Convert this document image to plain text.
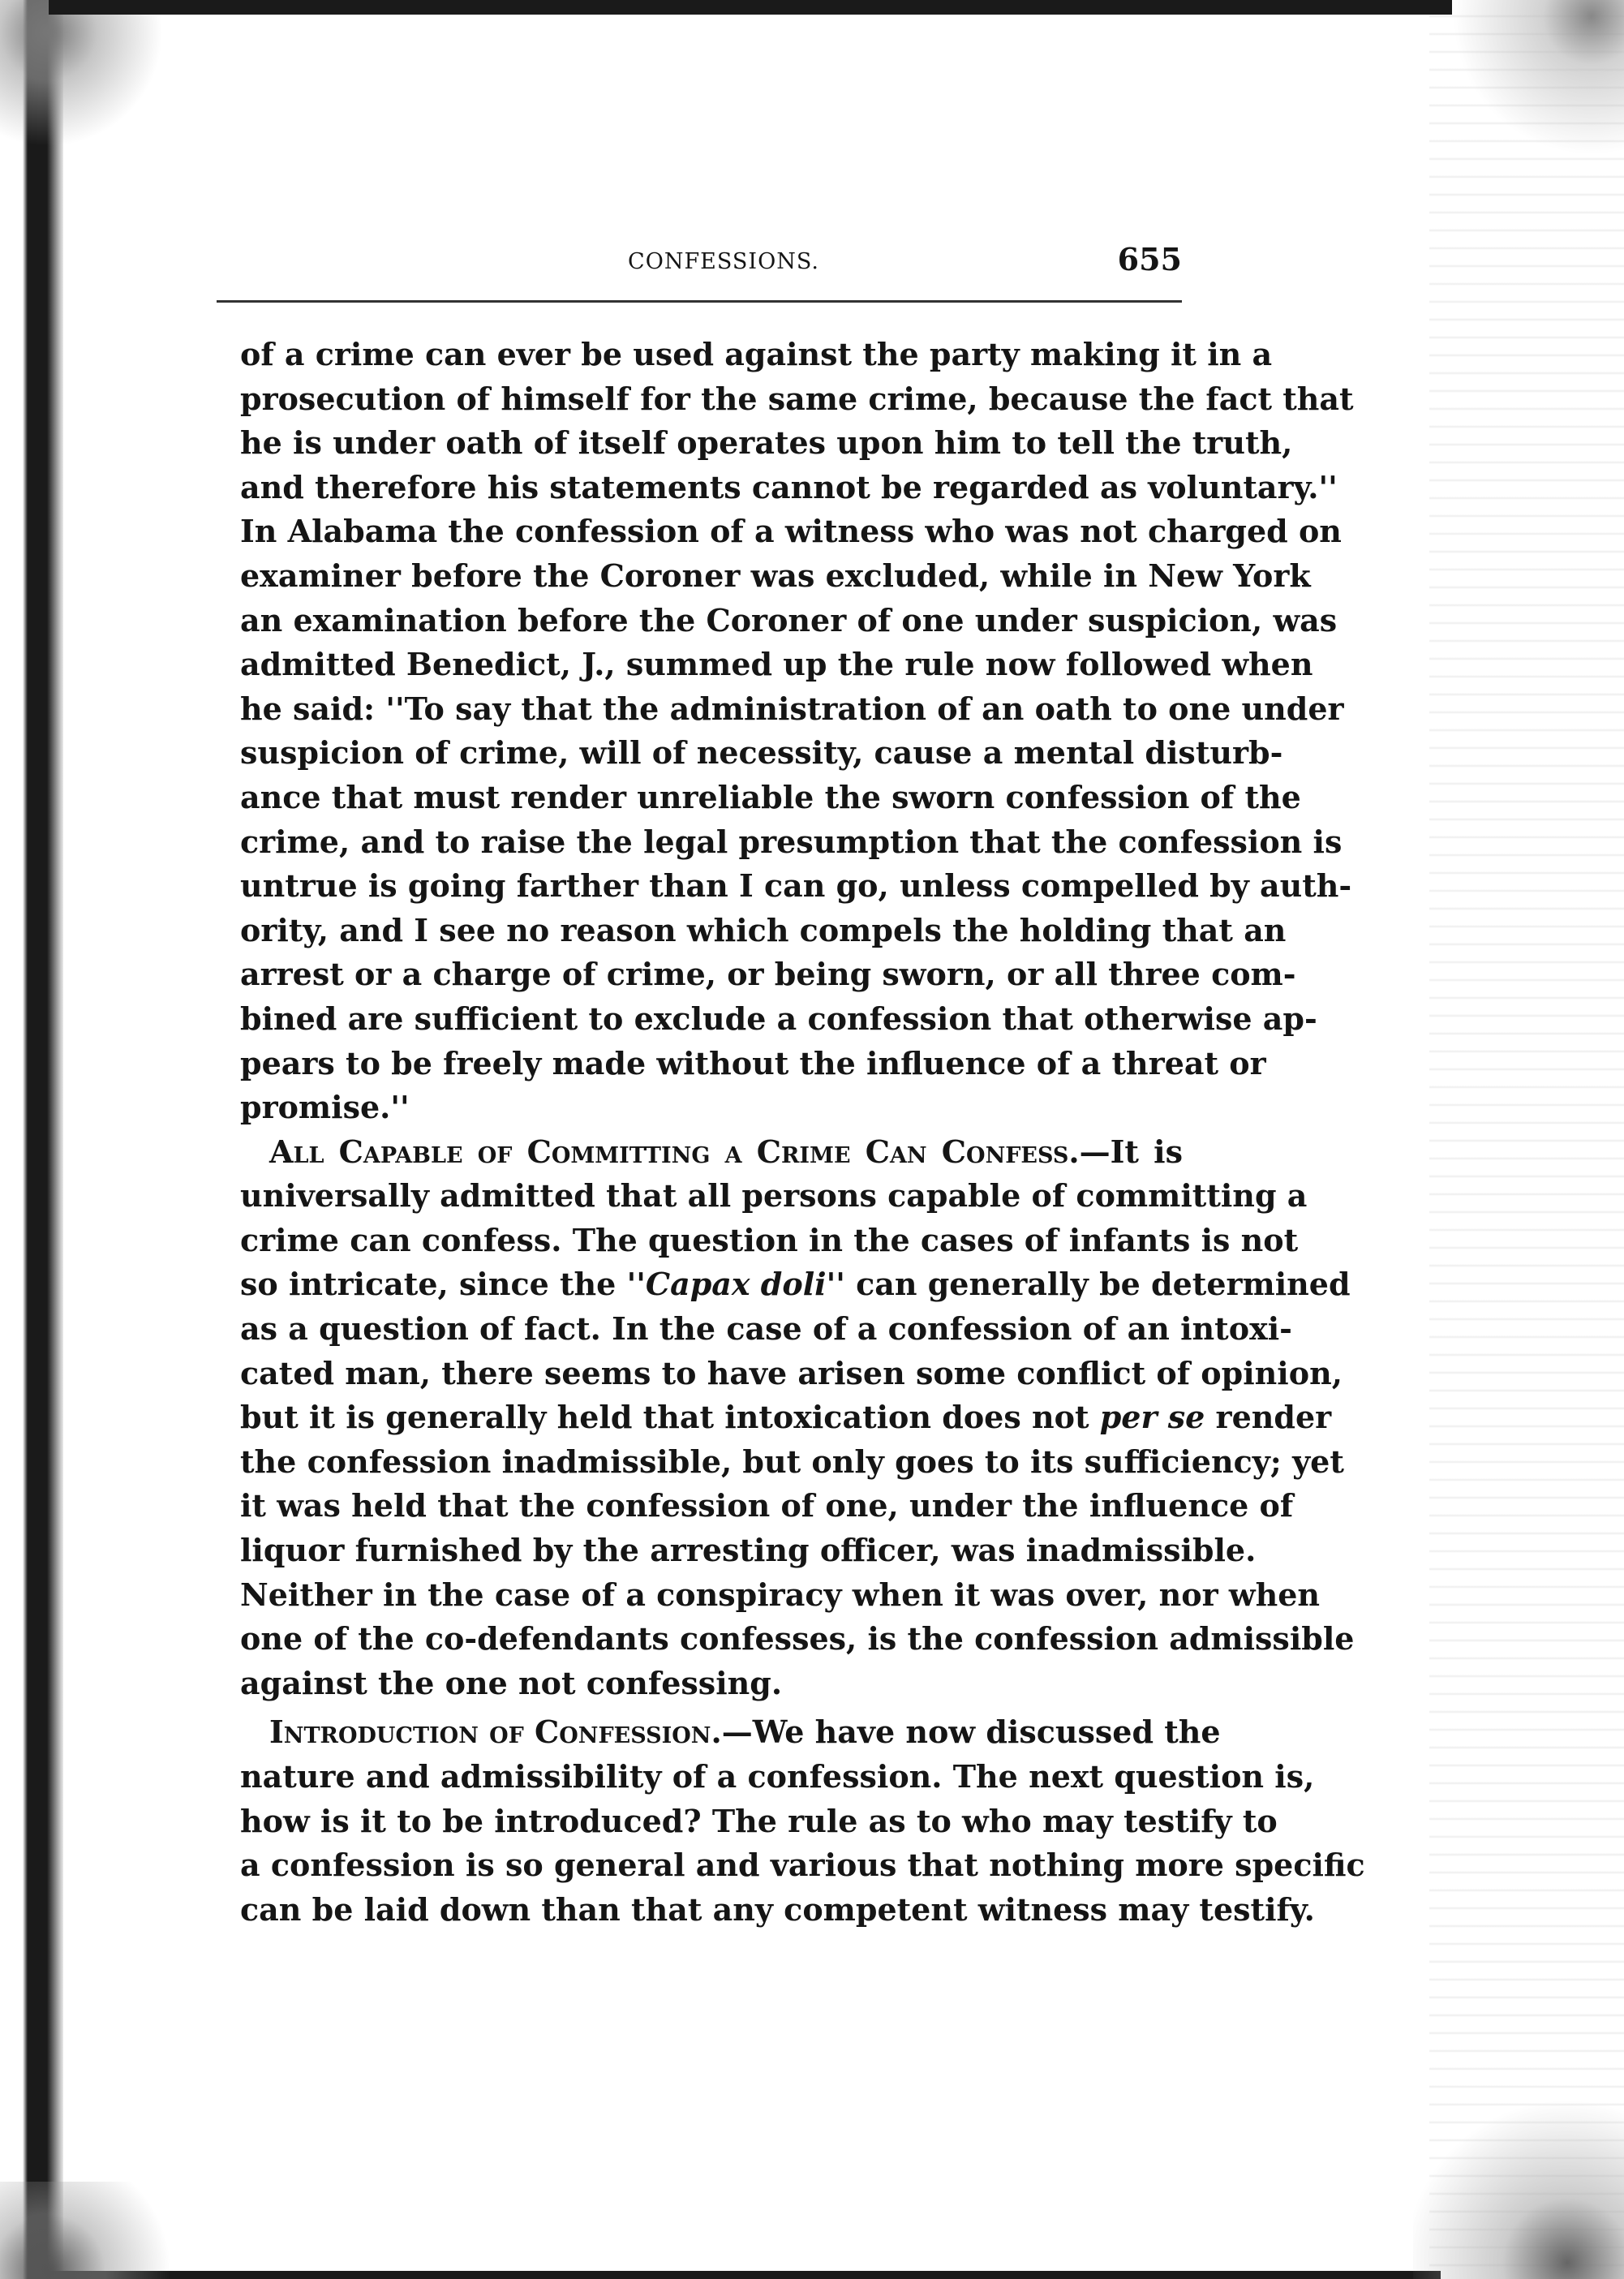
CONFESSIONS.	655
of a crime can ever be used against the party making it in a
prosecution of himself for the same crime, because the fact that
he is under oath of itself operates upon him to tell the truth,
and therefore his statements cannot be regarded as voluntary.''
In Alabama the confession of a witness who was not charged on
examiner before the Coroner was excluded, while in New York
an examination before the Coroner of one under suspicion, was
admitted Benedict, J., summed up the rule now followed when
he said: ''To say that the administration of an oath to one under
suspicion of crime, will of necessity, cause a mental disturb-
ance that must render unreliable the sworn confession of the
crime, and to raise the legal presumption that the confession is
untrue is going farther than I can go, unless compelled by auth-
ority, and I see no reason which compels the holding that an
arrest or a charge of crime, or being sworn, or all three com-
bined are sufficient to exclude a confession that otherwise ap-
pears to be freely made without the influence of a threat or
promise.''
All Capable of Committing a Crime Can Confess.—It is
universally admitted that all persons capable of committing a
crime can confess. The question in the cases of infants is not
so intricate, since the ''Capax doli'' can generally be determined
as a question of fact. In the case of a confession of an intoxi-
cated man, there seems to have arisen some conflict of opinion,
but it is generally held that intoxication does not per se render
the confession inadmissible, but only goes to its sufficiency; yet
it was held that the confession of one, under the influence of
liquor furnished by the arresting officer, was inadmissible.
Neither in the case of a conspiracy when it was over, nor when
one of the co-defendants confesses, is the confession admissible
against the one not confessing.
Introduction of Confession.—We have now discussed the
nature and admissibility of a confession. The next question is,
how is it to be introduced? The rule as to who may testify to
a confession is so general and various that nothing more specific
can be laid down than that any competent witness may testify.
